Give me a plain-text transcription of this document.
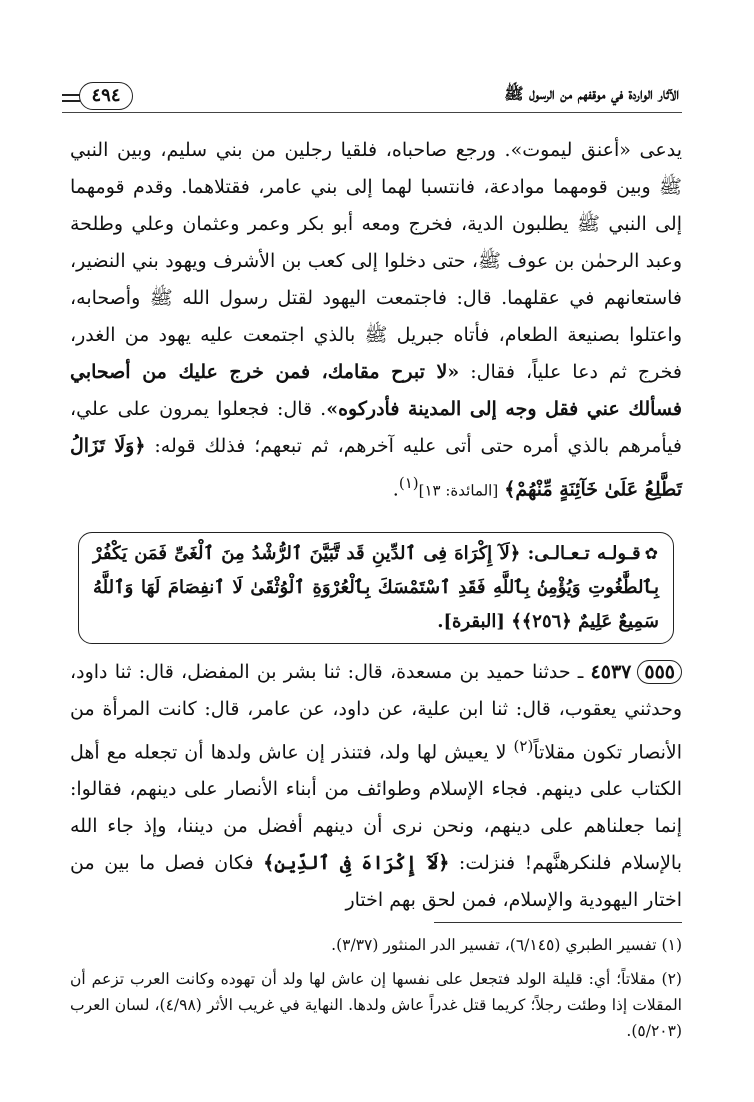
الآثار الواردة في موقفهم من الرسول ﷺ
٤٩٤
يدعى «أعنق ليموت». ورجع صاحباه، فلقيا رجلين من بني سليم، وبين النبي ﷺ وبين قومهما موادعة، فانتسبا لهما إلى بني عامر، فقتلاهما. وقدم قومهما إلى النبي ﷺ يطلبون الدية، فخرج ومعه أبو بكر وعمر وعثمان وعلي وطلحة وعبد الرحمٰن بن عوف ﷺ، حتى دخلوا إلى كعب بن الأشرف ويهود بني النضير، فاستعانهم في عقلهما. قال: فاجتمعت اليهود لقتل رسول الله ﷺ وأصحابه، واعتلوا بصنيعة الطعام، فأتاه جبريل ﷺ بالذي اجتمعت عليه يهود من الغدر، فخرج ثم دعا علياً، فقال: «لا تبرح مقامك، فمن خرج عليك من أصحابي فسألك عني فقل وجه إلى المدينة فأدركوه». قال: فجعلوا يمرون على علي، فيأمرهم بالذي أمره حتى أتى عليه آخرهم، ثم تبعهم؛ فذلك قوله: ﴿وَلَا تَزَالُ تَطَّلِعُ عَلَىٰ خَآئِنَةٍ مِّنْهُمْ﴾ [المائدة: ١٣]$^{(١)}$.
✿قـولـه تـعـالـى: ﴿لَآ إِكْرَاهَ فِى ٱلدِّينِ قَد تَّبَيَّنَ ٱلرُّشْدُ مِنَ ٱلْغَىِّ فَمَن يَكْفُرْ بِٱلطَّٰغُوتِ وَيُؤْمِنۢ بِٱللَّهِ فَقَدِ ٱسْتَمْسَكَ بِٱلْعُرْوَةِ ٱلْوُثْقَىٰ لَا ٱنفِصَامَ لَهَا وَٱللَّهُ سَمِيعٌ عَلِيمٌ ﴿٢٥٦﴾﴾ [البقرة].
٥٥٥٤٥٣٧ ـ حدثنا حميد بن مسعدة، قال: ثنا بشر بن المفضل، قال: ثنا داود، وحدثني يعقوب، قال: ثنا ابن علية، عن داود، عن عامر، قال: كانت المرأة من الأنصار تكون مقلاتاً$^{(٢)}$ لا يعيش لها ولد، فتنذر إن عاش ولدها أن تجعله مع أهل الكتاب على دينهم. فجاء الإسلام وطوائف من أبناء الأنصار على دينهم، فقالوا: إنما جعلناهم على دينهم، ونحن نرى أن دينهم أفضل من ديننا، وإذ جاء الله بالإسلام فلنكرهنَّهم! فنزلت: ﴿لَآ إِكْرَاهَ فِى ٱلدِّينِ﴾ فكان فصل ما بين من اختار اليهودية والإسلام، فمن لحق بهم اختار
(١) تفسير الطبري (٦/١٤٥)، تفسير الدر المنثور (٣/٣٧).
(٢) مقلاتاً؛ أي: قليلة الولد فتجعل على نفسها إن عاش لها ولد أن تهوده وكانت العرب تزعم أن المقلات إذا وطئت رجلاً؛ كريما قتل غدراً عاش ولدها. النهاية في غريب الأثر (٤/٩٨)، لسان العرب (٥/٢٠٣).
